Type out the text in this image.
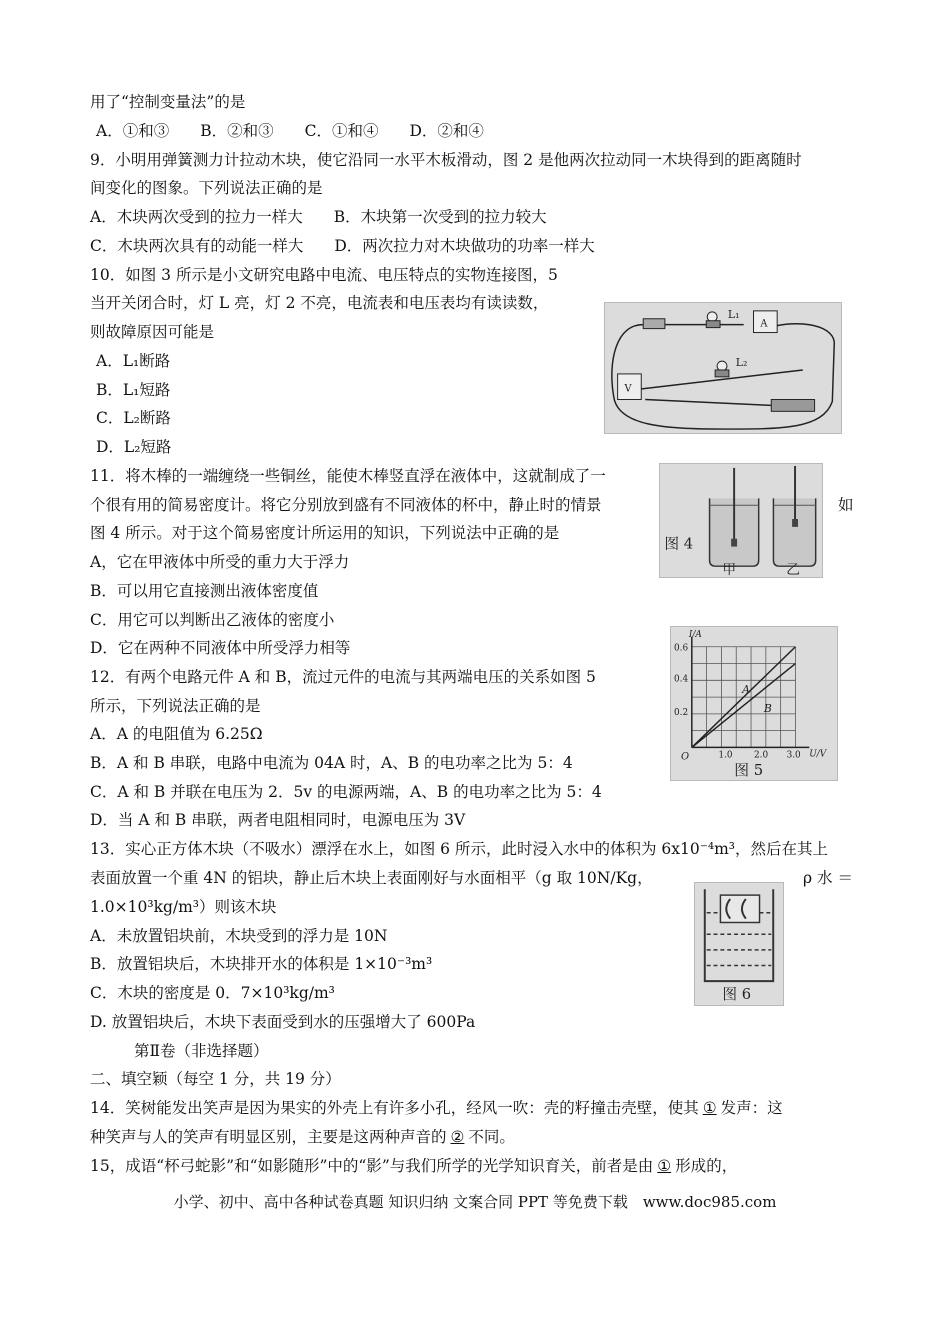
用了“控制变量法”的是
A．①和③　　B．②和③　　C．①和④　　D．②和④
9．小明用弹簧测力计拉动木块，使它沿同一水平木板滑动，图 2 是他两次拉动同一木块得到的距离随时
间变化的图象。下列说法正确的是
A．木块两次受到的拉力一样大　　B．木块第一次受到的拉力较大
C．木块两次具有的动能一样大　　D．两次拉力对木块做功的功率一样大
10．如图 3 所示是小文研究电路中电流、电压特点的实物连接图，5
当开关闭合时，灯 L 亮，灯 2 不亮，电流表和电压表均有读读数，
则故障原因可能是
A．L₁断路
B．L₁短路
C．L₂断路
D．L₂短路
L₁
A
L₂
V
11．将木棒的一端缠绕一些铜丝，能使木棒竖直浮在液体中，这就制成了一
个很有用的简易密度计。将它分别放到盛有不同液体的杯中，静止时的情景	如
图 4 所示。对于这个简易密度计所运用的知识，下列说法中正确的是
A，它在甲液体中所受的重力大于浮力
B．可以用它直接测出液体密度值
C．用它可以判断出乙液体的密度小
D．它在两种不同液体中所受浮力相等
图 4
甲	乙
12．有两个电路元件 A 和 B，流过元件的电流与其两端电压的关系如图 5
所示，下列说法正确的是
A．A 的电阻值为 6.25Ω
B．A 和 B 串联，电路中电流为 04A 时，A、B 的电功率之比为 5：4
C．A 和 B 并联在电压为 2．5v 的电源两端，A、B 的电功率之比为 5：4
D．当 A 和 B 串联，两者电阻相同时，电源电压为 3V
I/A
U/V
O
0.2
0.4
0.6
1.0 2.0 3.0
A
B
图 5
13．实心正方体木块（不吸水）漂浮在水上，如图 6 所示，此时浸入水中的体积为 6x10⁻⁴m³，然后在其上
表面放置一个重 4N 的铝块，静止后木块上表面刚好与水面相平（g 取 10N/Kg，	ρ 水 ＝
1.0×10³kg/m³）则该木块
A．未放置铝块前，木块受到的浮力是 10N
B．放置铝块后，木块排开水的体积是 1×10⁻³m³
C．木块的密度是 0．7×10³kg/m³
D. 放置铝块后，木块下表面受到水的压强增大了 600Pa
图 6
第Ⅱ卷（非选择题）
二、填空颖（每空 1 分，共 19 分）
14．笑树能发出笑声是因为果实的外壳上有许多小孔，经风一吹：壳的籽撞击壳壁，使其 ① 发声：这
种笑声与人的笑声有明显区别，主要是这两种声音的 ② 不同。
15，成语“杯弓蛇影”和“如影随形”中的“影”与我们所学的光学知识育关，前者是由 ① 形成的，
小学、初中、高中各种试卷真题 知识归纳 文案合同 PPT 等免费下载　www.doc985.com
